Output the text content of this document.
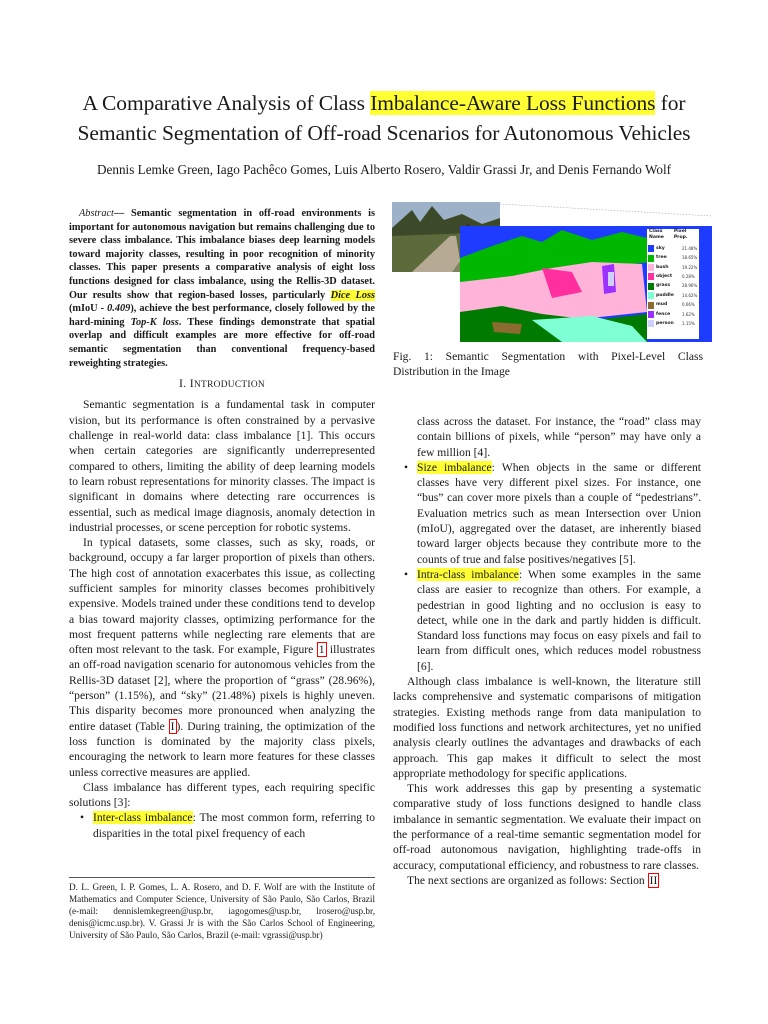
A Comparative Analysis of Class Imbalance-Aware Loss Functions for
Semantic Segmentation of Off-road Scenarios for Autonomous Vehicles
Dennis Lemke Green, Iago Pachêco Gomes, Luis Alberto Rosero, Valdir Grassi Jr, and Denis Fernando Wolf

Abstract— Semantic segmentation in off-road environments is important for autonomous navigation but remains challenging due to severe class imbalance. This imbalance biases deep learning models toward majority classes, resulting in poor recognition of minority classes. This paper presents a comparative analysis of eight loss functions designed for class imbalance, using the Rellis-3D dataset. Our results show that region-based losses, particularly Dice Loss (mIoU - 0.409), achieve the best performance, closely followed by the hard-mining Top-K loss. These findings demonstrate that spatial overlap and difficult examples are more effective for off-road semantic segmentation than conventional frequency-based reweighting strategies.

I. INTRODUCTION

Semantic segmentation is a fundamental task in computer vision, but its performance is often constrained by a pervasive challenge in real-world data: class imbalance [1]. This occurs when certain categories are significantly underrepresented compared to others, limiting the ability of deep learning models to learn robust representations for minority classes. The impact is significant in domains where detecting rare occurrences is essential, such as medical image diagnosis, anomaly detection in industrial processes, or scene perception for robotic systems.

In typical datasets, some classes, such as sky, roads, or background, occupy a far larger proportion of pixels than others. The high cost of annotation exacerbates this issue, as collecting sufficient samples for minority classes becomes prohibitively expensive. Models trained under these conditions tend to develop a bias toward majority classes, optimizing performance for the most frequent patterns while neglecting rare elements that are often most relevant to the task. For example, Figure 1 illustrates an off-road navigation scenario for autonomous vehicles from the Rellis-3D dataset [2], where the proportion of “grass” (28.96%), “person” (1.15%), and “sky” (21.48%) pixels is highly uneven. This disparity becomes more pronounced when analyzing the entire dataset (Table I ). During training, the optimization of the loss function is dominated by the majority class pixels, encouraging the network to learn more features for these classes unless corrective measures are applied.

Class imbalance has different types, each requiring specific solutions [3]:

• Inter-class imbalance: The most common form, referring to disparities in the total pixel frequency of each
D. L. Green, I. P. Gomes, L. A. Rosero, and D. F. Wolf are with the Institute of Mathematics and Computer Science, University of São Paulo, São Carlos, Brazil (e-mail: dennislemkegreen@usp.br, iagogomes@usp.br, lrosero@usp.br, denis@icmc.usp.br). V. Grassi Jr is with the São Carlos School of Engineering, University of São Paulo, São Carlos, Brazil (e-mail: vgrassi@usp.br)
Class Name
Pixel Prop.
sky	21.48%
tree	18.65%
bush	19.22%
object	0.28%
grass	28.96%
puddle	14.62%
mud	0.66%
fence	1.62%
person	1.15%
Fig. 1: Semantic Segmentation with Pixel-Level Class Distribution in the Image

class across the dataset. For instance, the “road” class may contain billions of pixels, while “person” may have only a few million [4].

• Size imbalance: When objects in the same or different classes have very different pixel sizes. For instance, one “bus” can cover more pixels than a couple of “pedestrians”. Evaluation metrics such as mean Intersection over Union (mIoU), aggregated over the dataset, are inherently biased toward larger objects because they contribute more to the counts of true and false positives/negatives [5].
• Intra-class imbalance: When some examples in the same class are easier to recognize than others. For example, a pedestrian in good lighting and no occlusion is easy to detect, while one in the dark and partly hidden is difficult. Standard loss functions may focus on easy pixels and fail to learn from difficult ones, which reduces model robustness [6].

Although class imbalance is well-known, the literature still lacks comprehensive and systematic comparisons of mitigation strategies. Existing methods range from data manipulation to modified loss functions and network architectures, yet no unified analysis clearly outlines the advantages and drawbacks of each approach. This gap makes it difficult to select the most appropriate methodology for specific applications.

This work addresses this gap by presenting a systematic comparative study of loss functions designed to handle class imbalance in semantic segmentation. We evaluate their impact on the performance of a real-time semantic segmentation model for off-road autonomous navigation, highlighting trade-offs in accuracy, computational efficiency, and robustness to rare classes.

The next sections are organized as follows: Section II
